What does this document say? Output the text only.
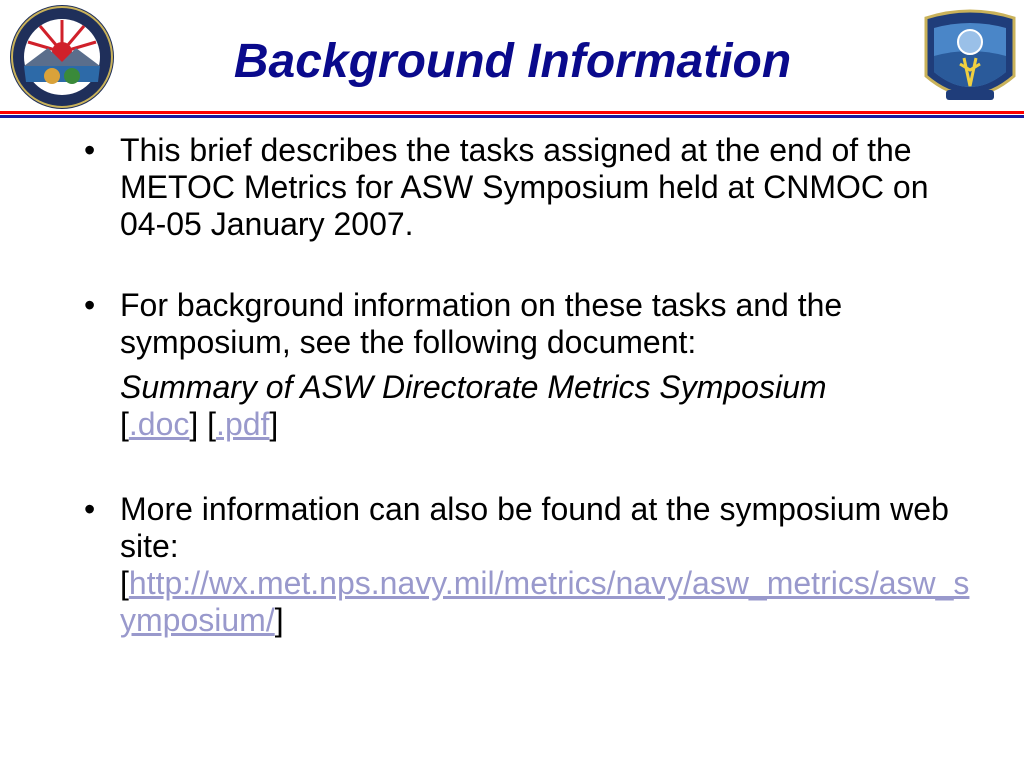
Background Information

• This brief describes the tasks assigned at the end of the METOC Metrics for ASW Symposium held at CNMOC on 04-05 January 2007.

• For background information on these tasks and the symposium, see the following document:

Summary of ASW Directorate Metrics Symposium [.doc] [.pdf]

• More information can also be found at the symposium web site:
[http://wx.met.nps.navy.mil/metrics/navy/asw_metrics/asw_symposium/]
